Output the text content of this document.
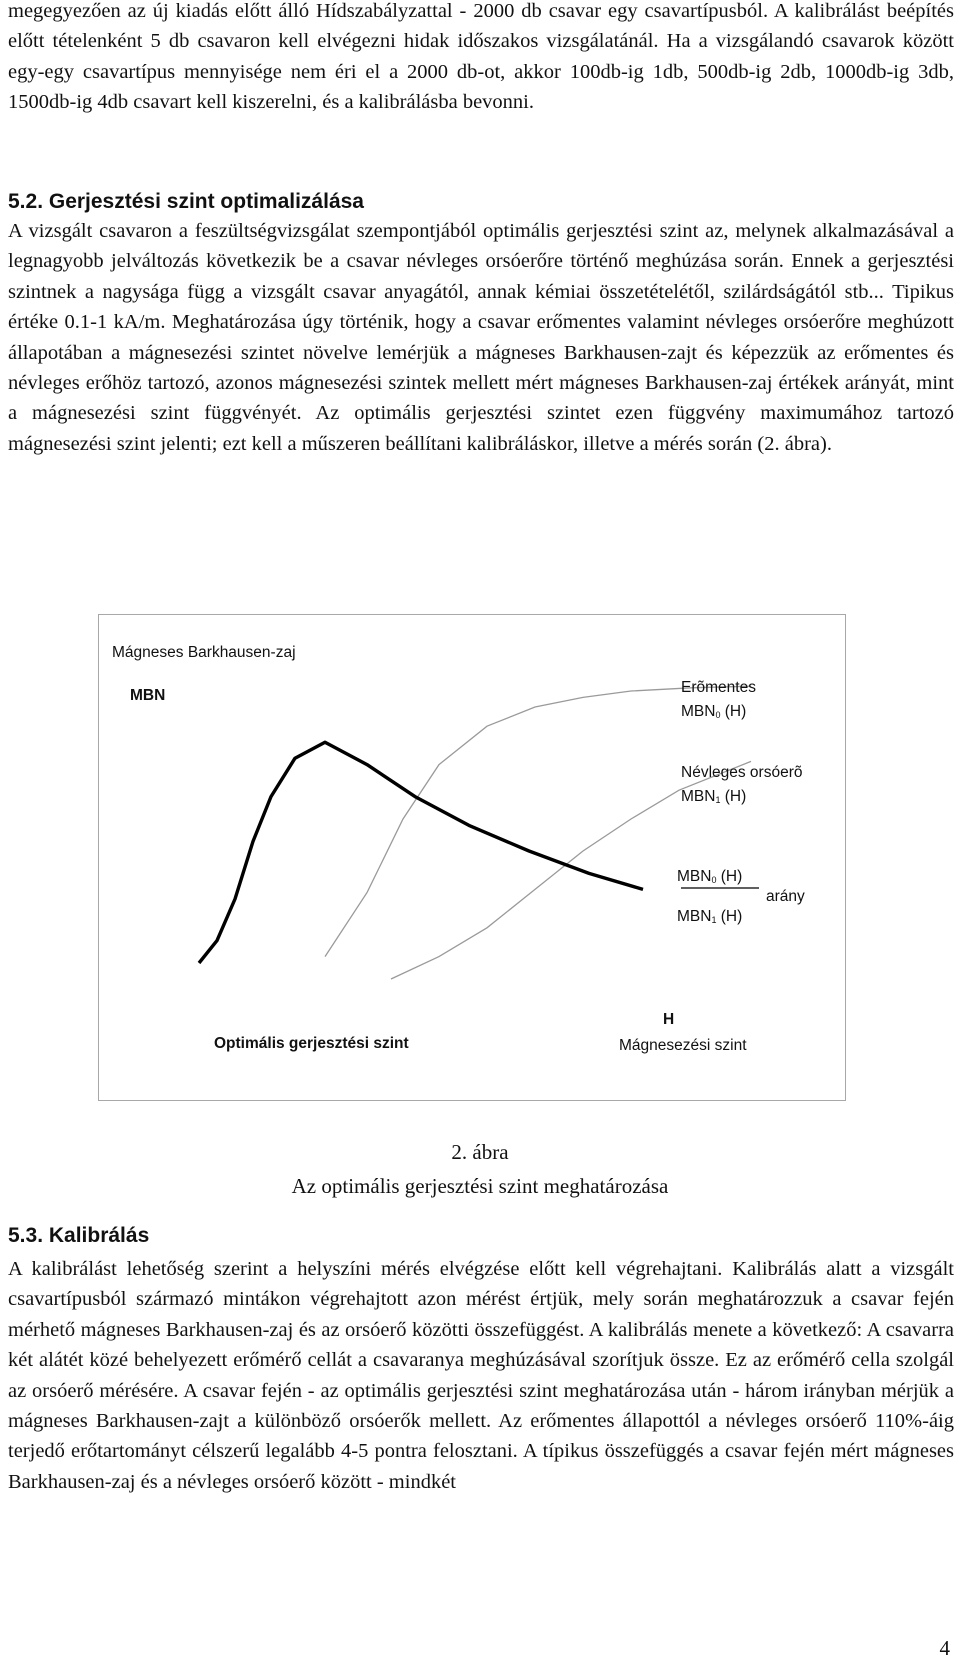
megegyezően az új kiadás előtt álló Hídszabályzattal - 2000 db csavar egy csavartípusból. A kalibrálást beépítés előtt tételenként 5 db csavaron kell elvégezni hidak időszakos vizsgálatánál. Ha a vizsgálandó csavarok között egy-egy csavartípus mennyisége nem éri el a 2000 db-ot, akkor 100db-ig 1db, 500db-ig 2db, 1000db-ig 3db, 1500db-ig 4db csavart kell kiszerelni, és a kalibrálásba bevonni.

5.2. Gerjesztési szint optimalizálása

A vizsgált csavaron a feszültségvizsgálat szempontjából optimális gerjesztési szint az, melynek alkalmazásával a legnagyobb jelváltozás következik be a csavar névleges orsóerőre történő meghúzása során. Ennek a gerjesztési szintnek a nagysága függ a vizsgált csavar anyagától, annak kémiai összetételétől, szilárdságától stb... Tipikus értéke 0.1-1 kA/m. Meghatározása úgy történik, hogy a csavar erőmentes valamint névleges orsóerőre meghúzott állapotában a mágnesezési szintet növelve lemérjük a mágneses Barkhausen-zajt és képezzük az erőmentes és névleges erőhöz tartozó, azonos mágnesezési szintek mellett mért mágneses Barkhausen-zaj értékek arányát, mint a mágnesezési szint függvényét. Az optimális gerjesztési szintet ezen függvény maximumához tartozó mágnesezési szint jelenti; ezt kell a műszeren beállítani kalibráláskor, illetve a mérés során (2. ábra).

Mágneses Barkhausen-zaj
MBN	Erõmentes
$MBN_0$ (H)
Névleges orsóerõ
$MBN_1$ (H)
$MBN_0$ (H)
$MBN_1$ (H)
arány
H
Mágnesezési szint
Optimális gerjesztési szint
2. ábra
Az optimális gerjesztési szint meghatározása
5.3. Kalibrálás

A kalibrálást lehetőség szerint a helyszíni mérés elvégzése előtt kell végrehajtani. Kalibrálás alatt a vizsgált csavartípusból származó mintákon végrehajtott azon mérést értjük, mely során meghatározzuk a csavar fején mérhető mágneses Barkhausen-zaj és az orsóerő közötti összefüggést. A kalibrálás menete a következő: A csavarra két alátét közé behelyezett erőmérő cellát a csavaranya meghúzásával szorítjuk össze. Ez az erőmérő cella szolgál az orsóerő mérésére. A csavar fején - az optimális gerjesztési szint meghatározása után - három irányban mérjük a mágneses Barkhausen-zajt a különböző orsóerők mellett. Az erőmentes állapottól a névleges orsóerő 110%-áig terjedő erőtartományt célszerű legalább 4-5 pontra felosztani. A típikus összefüggés a csavar fején mért mágneses Barkhausen-zaj és a névleges orsóerő között - mindkét

4
